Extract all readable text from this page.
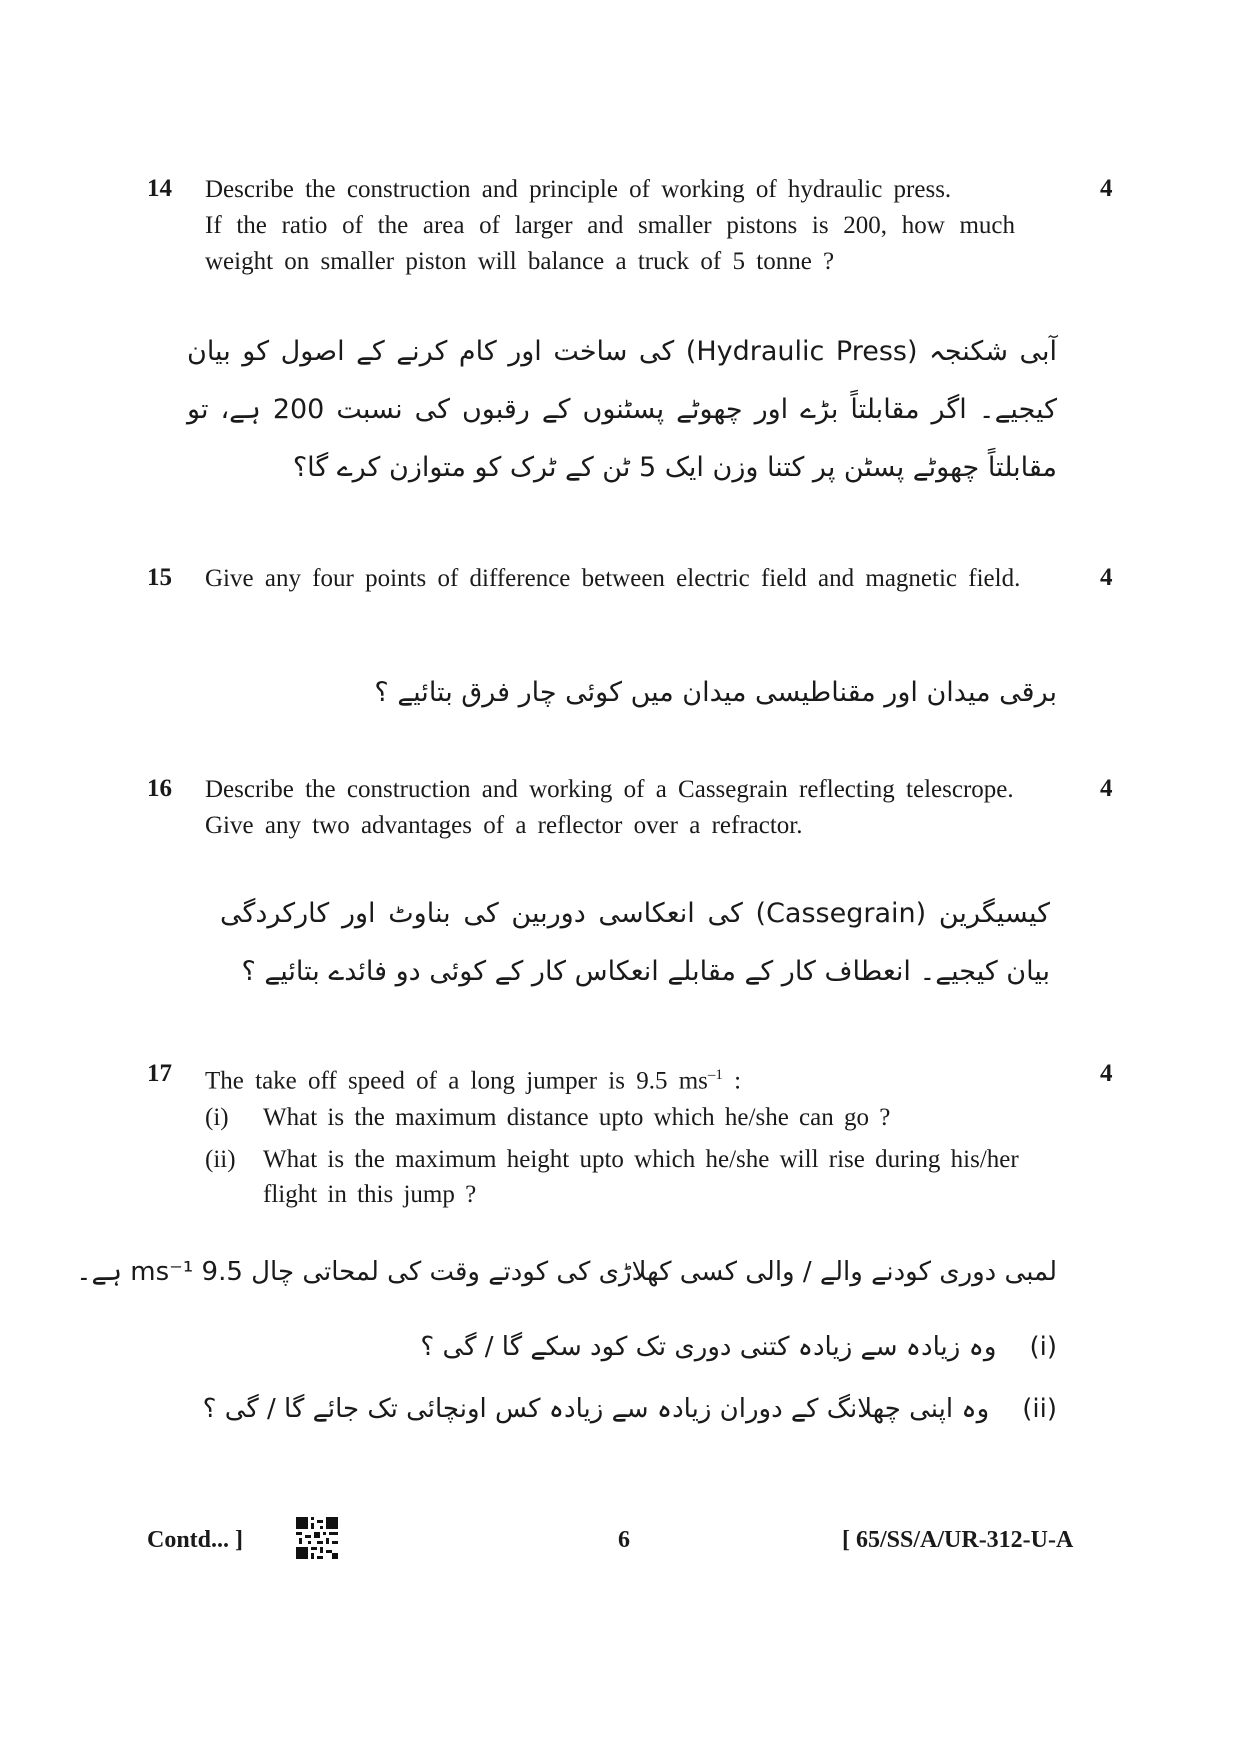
14	4

Describe the construction and principle of working of hydraulic press.

If the ratio of the area of larger and smaller pistons is 200, how much weight on smaller piston will balance a truck of 5 tonne ?

آبی شکنجہ (Hydraulic Press) کی ساخت اور کام کرنے کے اصول کو بیان کیجیے۔ اگر مقابلتاً بڑے اور چھوٹے پسٹنوں کے رقبوں کی نسبت 200 ہے، تو مقابلتاً چھوٹے پسٹن پر کتنا وزن ایک 5 ٹن کے ٹرک کو متوازن کرے گا؟

15	4

Give any four points of difference between electric field and magnetic field.

برقی میدان اور مقناطیسی میدان میں کوئی چار فرق بتائیے ؟

16	4

Describe the construction and working of a Cassegrain reflecting telescrope.

Give any two advantages of a reflector over a refractor.

کیسیگرین (Cassegrain) کی انعکاسی دوربین کی بناوٹ اور کارکردگی بیان کیجیے۔ انعطاف کار کے مقابلے انعکاس کار کے کوئی دو فائدے بتائیے ؟

17	4

The take off speed of a long jumper is 9.5 $ms^{-1}$ :

(i) What is the maximum distance upto which he/she can go ?
(ii) What is the maximum height upto which he/she will rise during his/her flight in this jump ?
لمبی دوری کودنے والے / والی کسی کھلاڑی کی کودتے وقت کی لمحاتی چال 9.5 ms⁻¹ ہے۔
(i)    وہ زیادہ سے زیادہ کتنی دوری تک کود سکے گا / گی ؟
(ii)    وہ اپنی چھلانگ کے دوران زیادہ سے زیادہ کس اونچائی تک جائے گا / گی ؟
Contd... ]	6	[ 65/SS/A/UR-312-U-A
